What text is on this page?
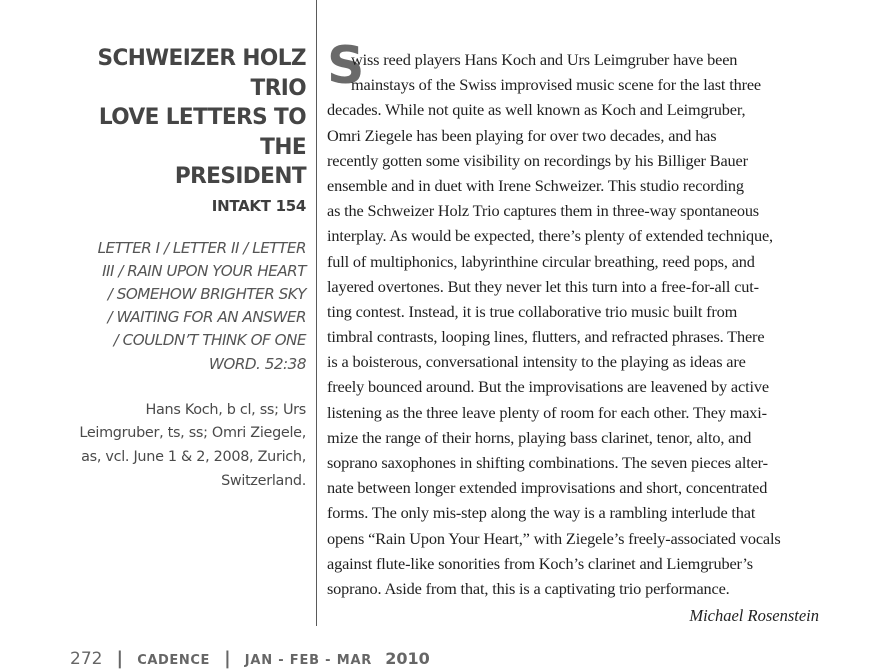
SCHWEIZER HOLZ TRIO
LOVE LETTERS TO THE
PRESIDENT
INTAKT 154
LETTER I / LETTER II / LETTER
III / RAIN UPON YOUR HEART
/ SOMEHOW BRIGHTER SKY
/ WAITING FOR AN ANSWER
/ COULDN’T THINK OF ONE
WORD. 52:38
Hans Koch, b cl, ss; Urs
Leimgruber, ts, ss; Omri Ziegele,
as, vcl. June 1 & 2, 2008, Zurich,
Switzerland.
S
wiss reed players Hans Koch and Urs Leimgruber have been
mainstays of the Swiss improvised music scene for the last three
decades. While not quite as well known as Koch and Leimgruber,
Omri Ziegele has been playing for over two decades, and has
recently gotten some visibility on recordings by his Billiger Bauer
ensemble and in duet with Irene Schweizer. This studio recording
as the Schweizer Holz Trio captures them in three-way spontaneous
interplay. As would be expected, there’s plenty of extended technique,
full of multiphonics, labyrinthine circular breathing, reed pops, and
layered overtones. But they never let this turn into a free-for-all cut-
ting contest. Instead, it is true collaborative trio music built from
timbral contrasts, looping lines, flutters, and refracted phrases. There
is a boisterous, conversational intensity to the playing as ideas are
freely bounced around. But the improvisations are leavened by active
listening as the three leave plenty of room for each other. They maxi-
mize the range of their horns, playing bass clarinet, tenor, alto, and
soprano saxophones in shifting combinations. The seven pieces alter-
nate between longer extended improvisations and short, concentrated
forms. The only mis-step along the way is a rambling interlude that
opens “Rain Upon Your Heart,” with Ziegele’s freely-associated vocals
against flute-like sonorities from Koch’s clarinet and Liemgruber’s
soprano. Aside from that, this is a captivating trio performance.
Michael Rosenstein
272 | CADENCE | JAN - FEB - MAR 2010
